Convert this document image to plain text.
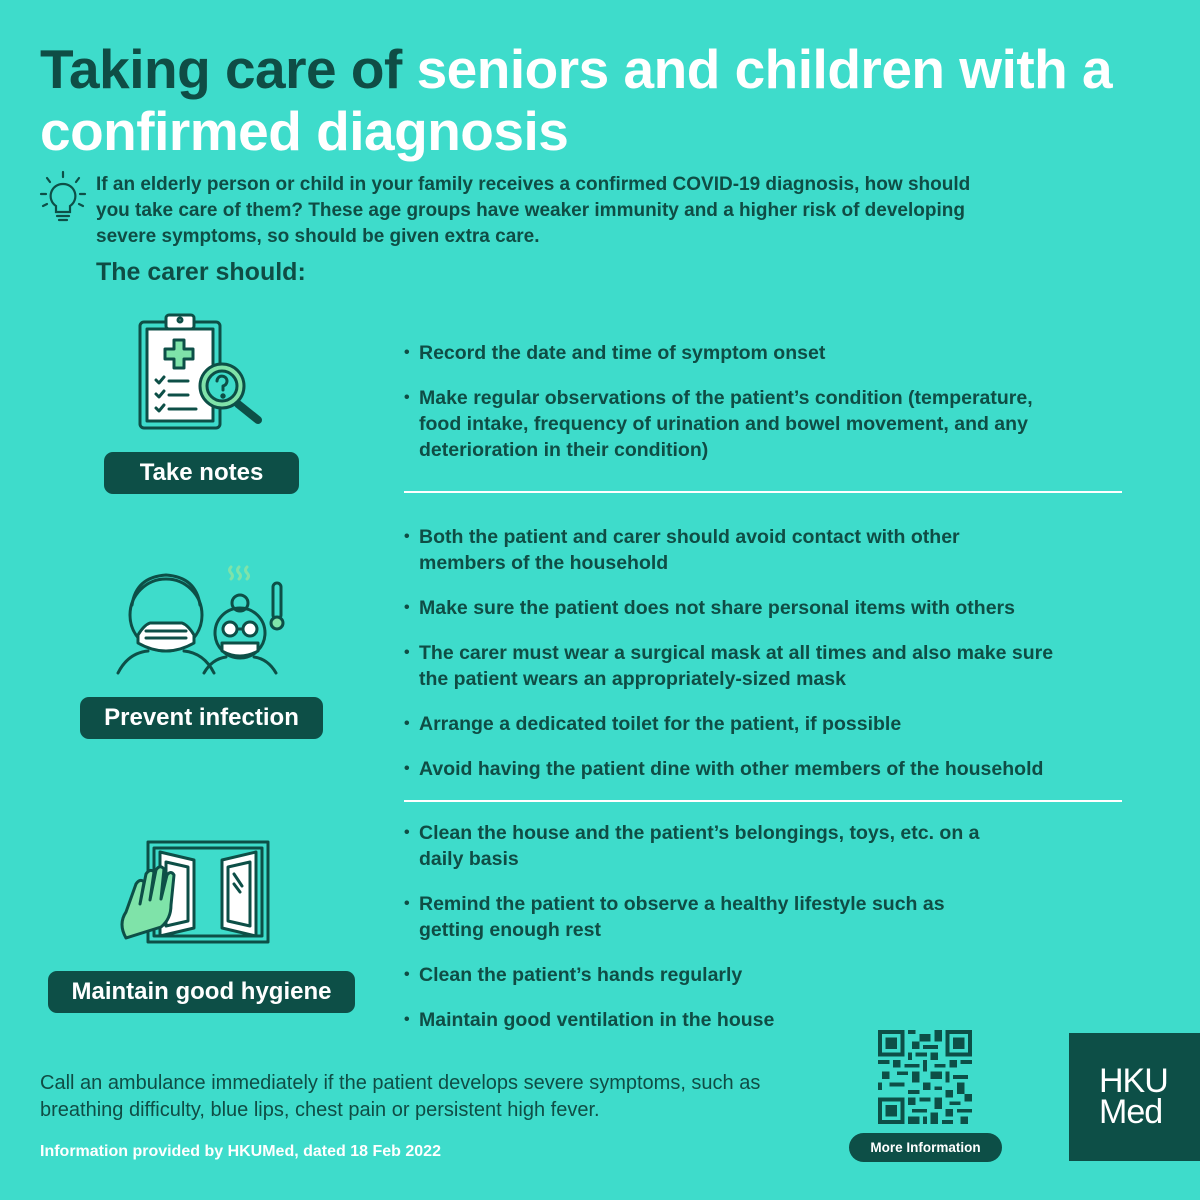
Taking care of seniors and children with a confirmed diagnosis
If an elderly person or child in your family receives a confirmed COVID-19 diagnosis, how should you take care of them? These age groups have weaker immunity and a higher risk of developing severe symptoms, so should be given extra care.
The carer should:
Take notes
• Record the date and time of symptom onset
• Make regular observations of the patient’s condition (temperature, food intake, frequency of urination and bowel movement, and any deterioration in their condition)
Prevent infection
• Both the patient and carer should avoid contact with other members of the household
• Make sure the patient does not share personal items with others
• The carer must wear a surgical mask at all times and also make sure the patient wears an appropriately-sized mask
• Arrange a dedicated toilet for the patient, if possible
• Avoid having the patient dine with other members of the household
Maintain good hygiene
• Clean the house and the patient’s belongings, toys, etc. on a daily basis
• Remind the patient to observe a healthy lifestyle such as getting enough rest
• Clean the patient’s hands regularly
• Maintain good ventilation in the house
Call an ambulance immediately if the patient develops severe symptoms, such as breathing difficulty, blue lips, chest pain or persistent high fever.
Information provided by HKUMed, dated 18 Feb 2022	More Information
HKU
Med
